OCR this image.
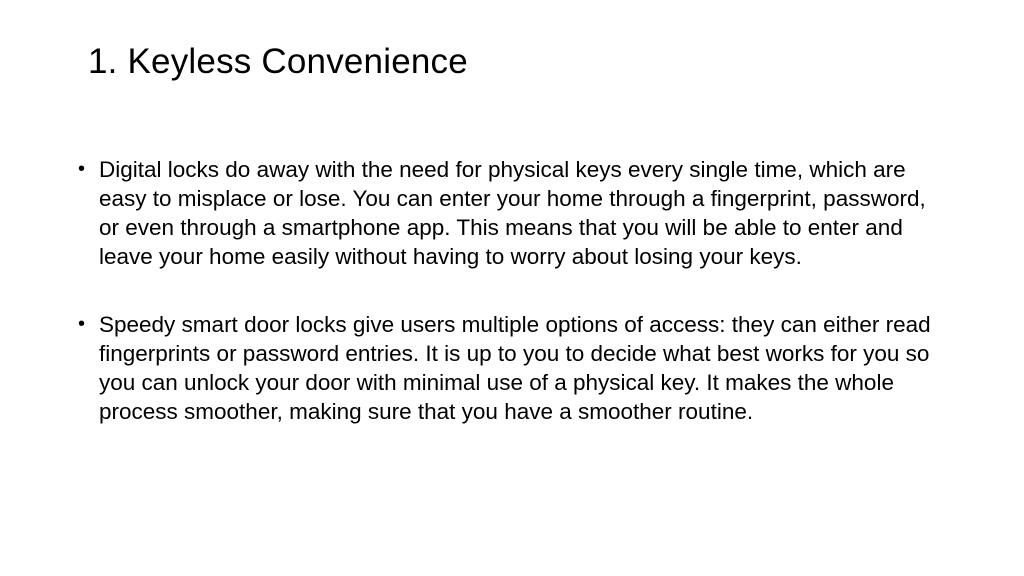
1. Keyless Convenience
• Digital locks do away with the need for physical keys every single time, which are easy to misplace or lose. You can enter your home through a fingerprint, password, or even through a smartphone app. This means that you will be able to enter and leave your home easily without having to worry about losing your keys.
• Speedy smart door locks give users multiple options of access: they can either read fingerprints or password entries. It is up to you to decide what best works for you so you can unlock your door with minimal use of a physical key. It makes the whole process smoother, making sure that you have a smoother routine.
